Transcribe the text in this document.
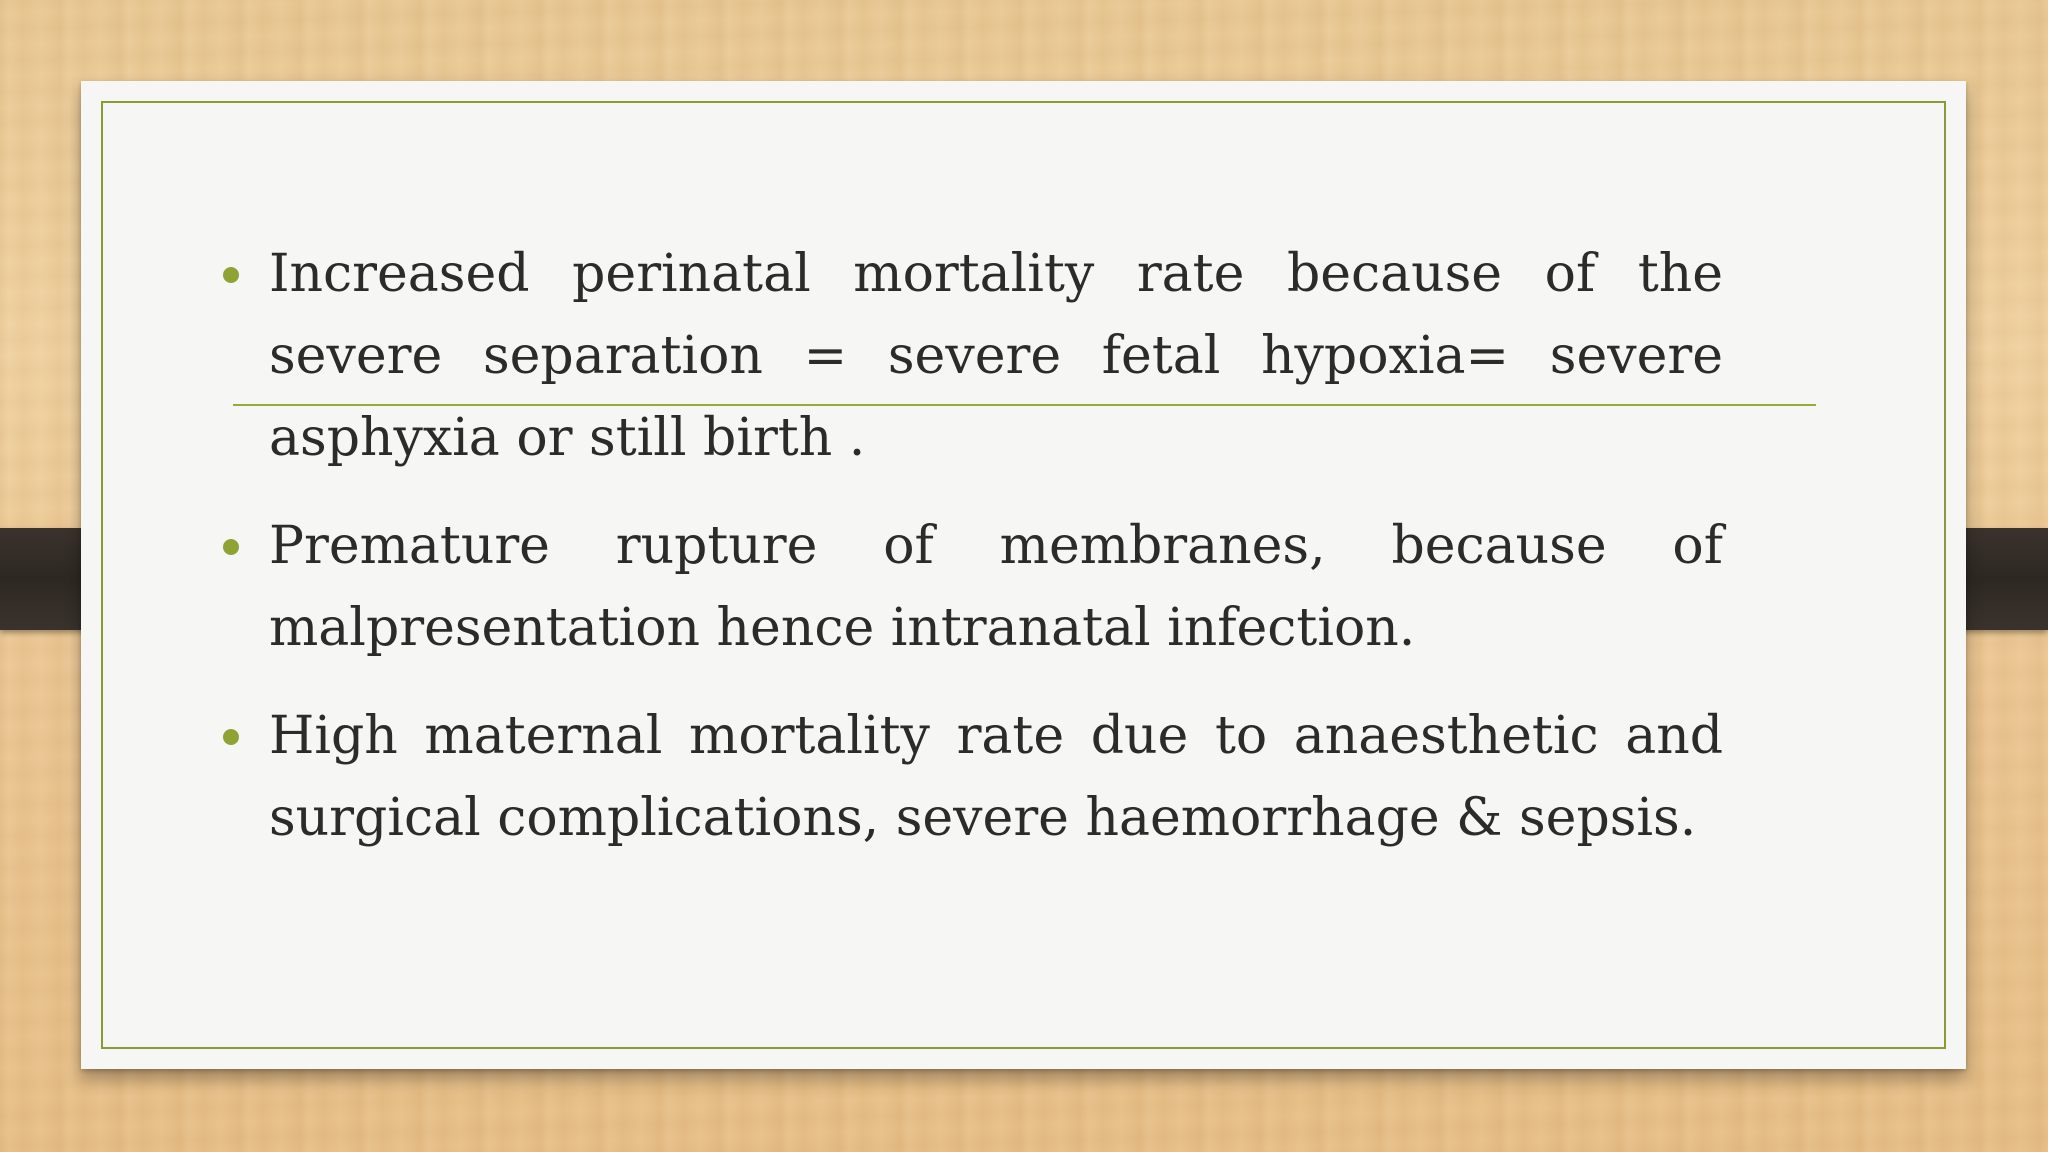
Increased perinatal mortality rate because of the severe separation = severe fetal hypoxia= severe asphyxia or still birth .
Premature rupture of membranes, because of malpresentation hence intranatal infection.
High maternal mortality rate due to anaesthetic and surgical complications, severe haemorrhage & sepsis.
